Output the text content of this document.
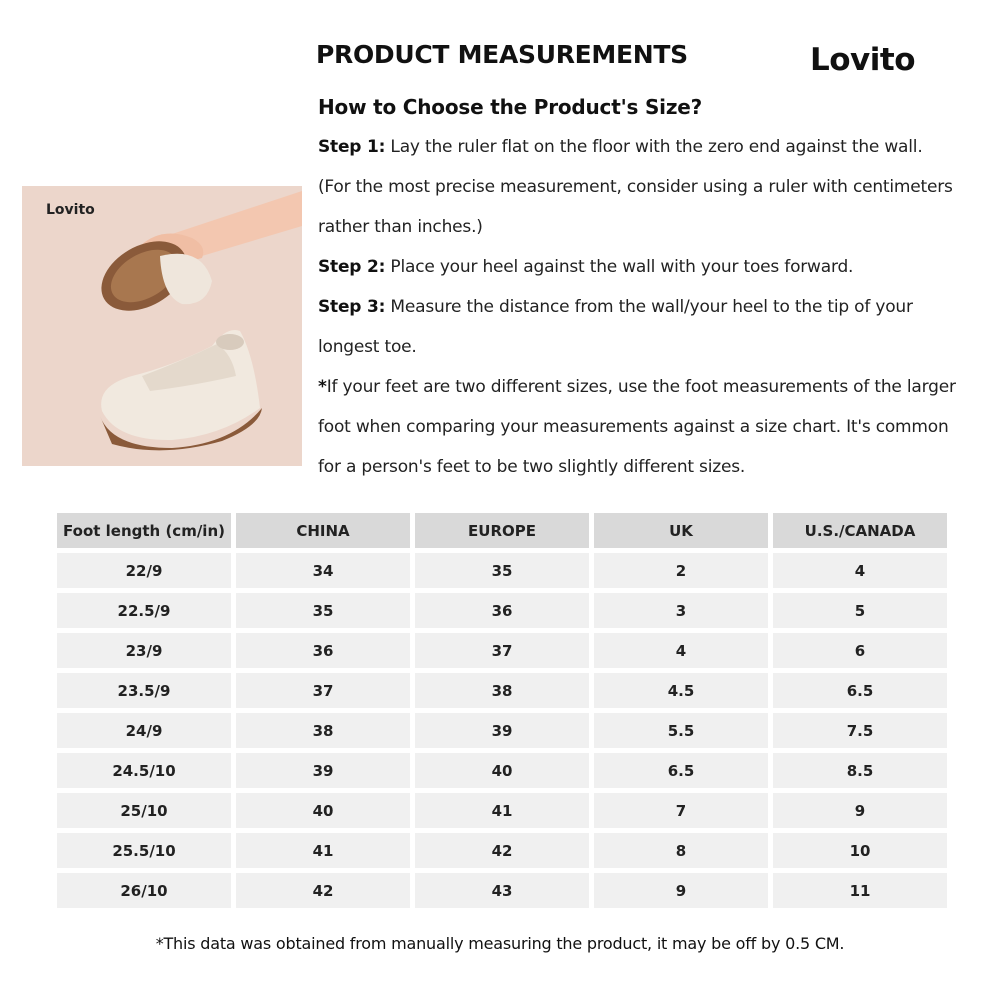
PRODUCT MEASUREMENTS	Lovito
How to Choose the Product's Size?

Step 1: Lay the ruler flat on the floor with the zero end against the wall. (For the most precise measurement, consider using a ruler with centimeters rather than inches.)

Step 2: Place your heel against the wall with your toes forward.

Step 3: Measure the distance from the wall/your heel to the tip of your longest toe.

*If your feet are two different sizes, use the foot measurements of the larger foot when comparing your measurements against a size chart. It's common for a person's feet to be two slightly different sizes.

Lovito
Foot length (cm/in)	CHINA	EUROPE	UK	U.S./CANADA
22/9	34	35	2	4
22.5/9	35	36	3	5
23/9	36	37	4	6
23.5/9	37	38	4.5	6.5
24/9	38	39	5.5	7.5
24.5/10	39	40	6.5	8.5
25/10	40	41	7	9
25.5/10	41	42	8	10
26/10	42	43	9	11
*This data was obtained from manually measuring the product, it may be off by 0.5 CM.
